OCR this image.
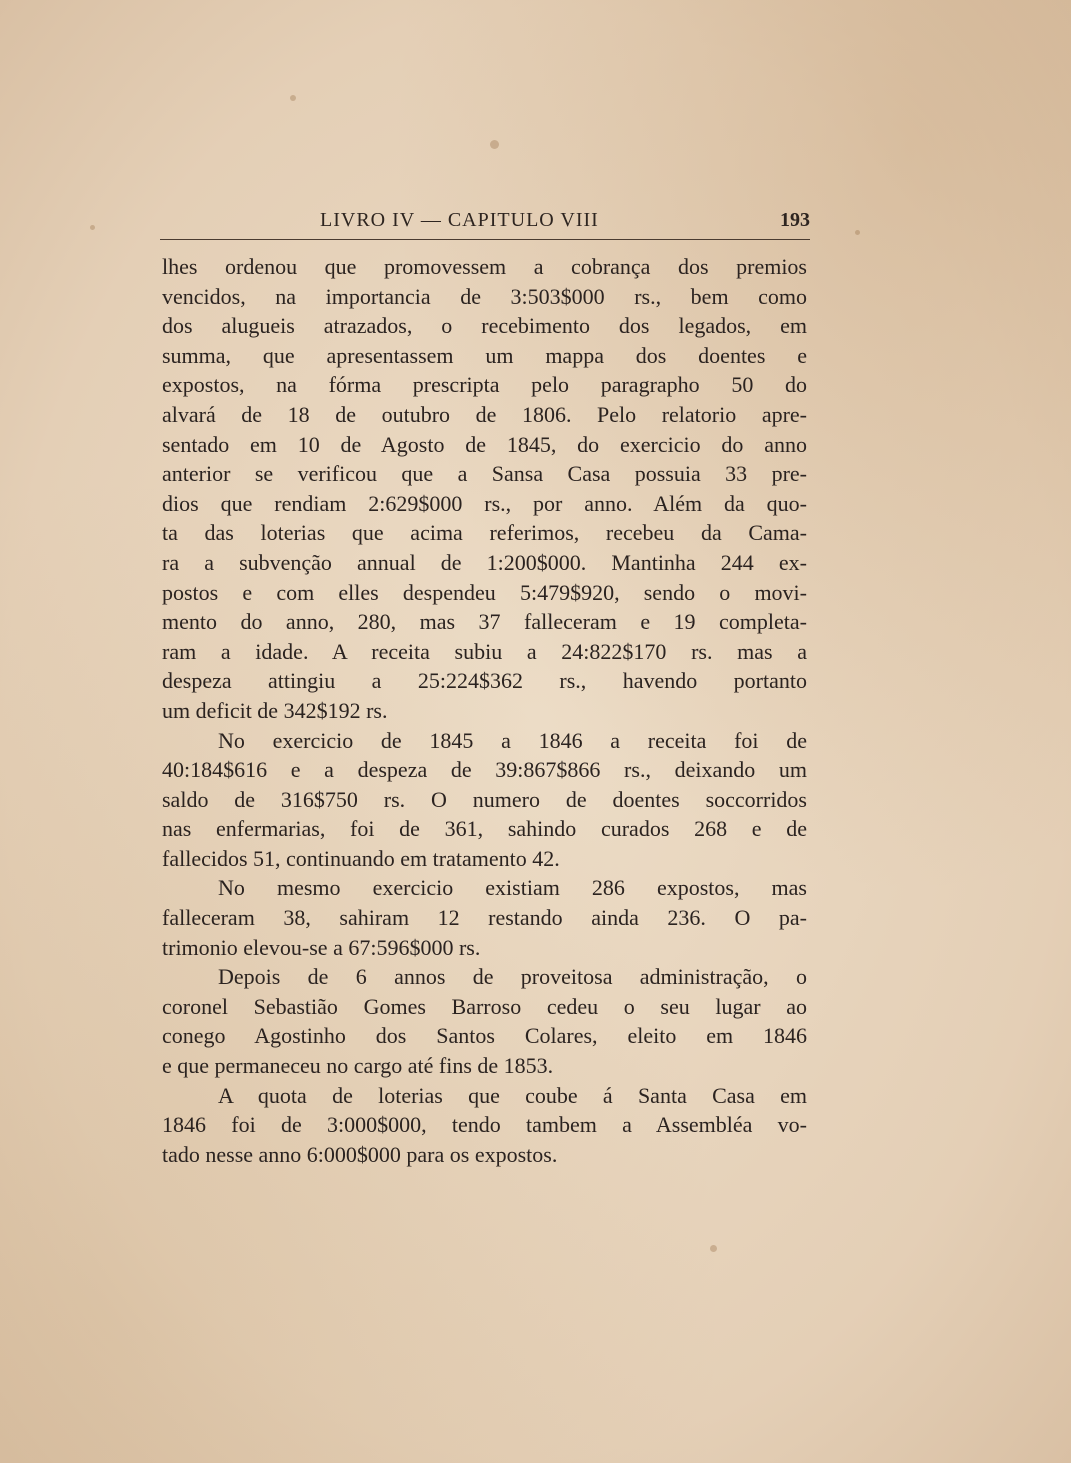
LIVRO IV — CAPITULO VIII	193

lhes ordenou que promovessem a cobrança dos premios
vencidos, na importancia de 3:503$000 rs., bem como
dos alugueis atrazados, o recebimento dos legados, em
summa, que apresentassem um mappa dos doentes e
expostos, na fórma prescripta pelo paragrapho 50 do
alvará de 18 de outubro de 1806. Pelo relatorio apre-
sentado em 10 de Agosto de 1845, do exercicio do anno
anterior se verificou que a Sansa Casa possuia 33 pre-
dios que rendiam 2:629$000 rs., por anno. Além da quo-
ta das loterias que acima referimos, recebeu da Cama-
ra a subvenção annual de 1:200$000. Mantinha 244 ex-
postos e com elles despendeu 5:479$920, sendo o movi-
mento do anno, 280, mas 37 falleceram e 19 completa-
ram a idade. A receita subiu a 24:822$170 rs. mas a
despeza attingiu a 25:224$362 rs., havendo portanto
um deficit de 342$192 rs.

No exercicio de 1845 a 1846 a receita foi de
40:184$616 e a despeza de 39:867$866 rs., deixando um
saldo de 316$750 rs. O numero de doentes soccorridos
nas enfermarias, foi de 361, sahindo curados 268 e de
fallecidos 51, continuando em tratamento 42.

No mesmo exercicio existiam 286 expostos, mas
falleceram 38, sahiram 12 restando ainda 236. O pa-
trimonio elevou-se a 67:596$000 rs.

Depois de 6 annos de proveitosa administração, o
coronel Sebastião Gomes Barroso cedeu o seu lugar ao
conego Agostinho dos Santos Colares, eleito em 1846
e que permaneceu no cargo até fins de 1853.

A quota de loterias que coube á Santa Casa em
1846 foi de 3:000$000, tendo tambem a Assembléa vo-
tado nesse anno 6:000$000 para os expostos.
